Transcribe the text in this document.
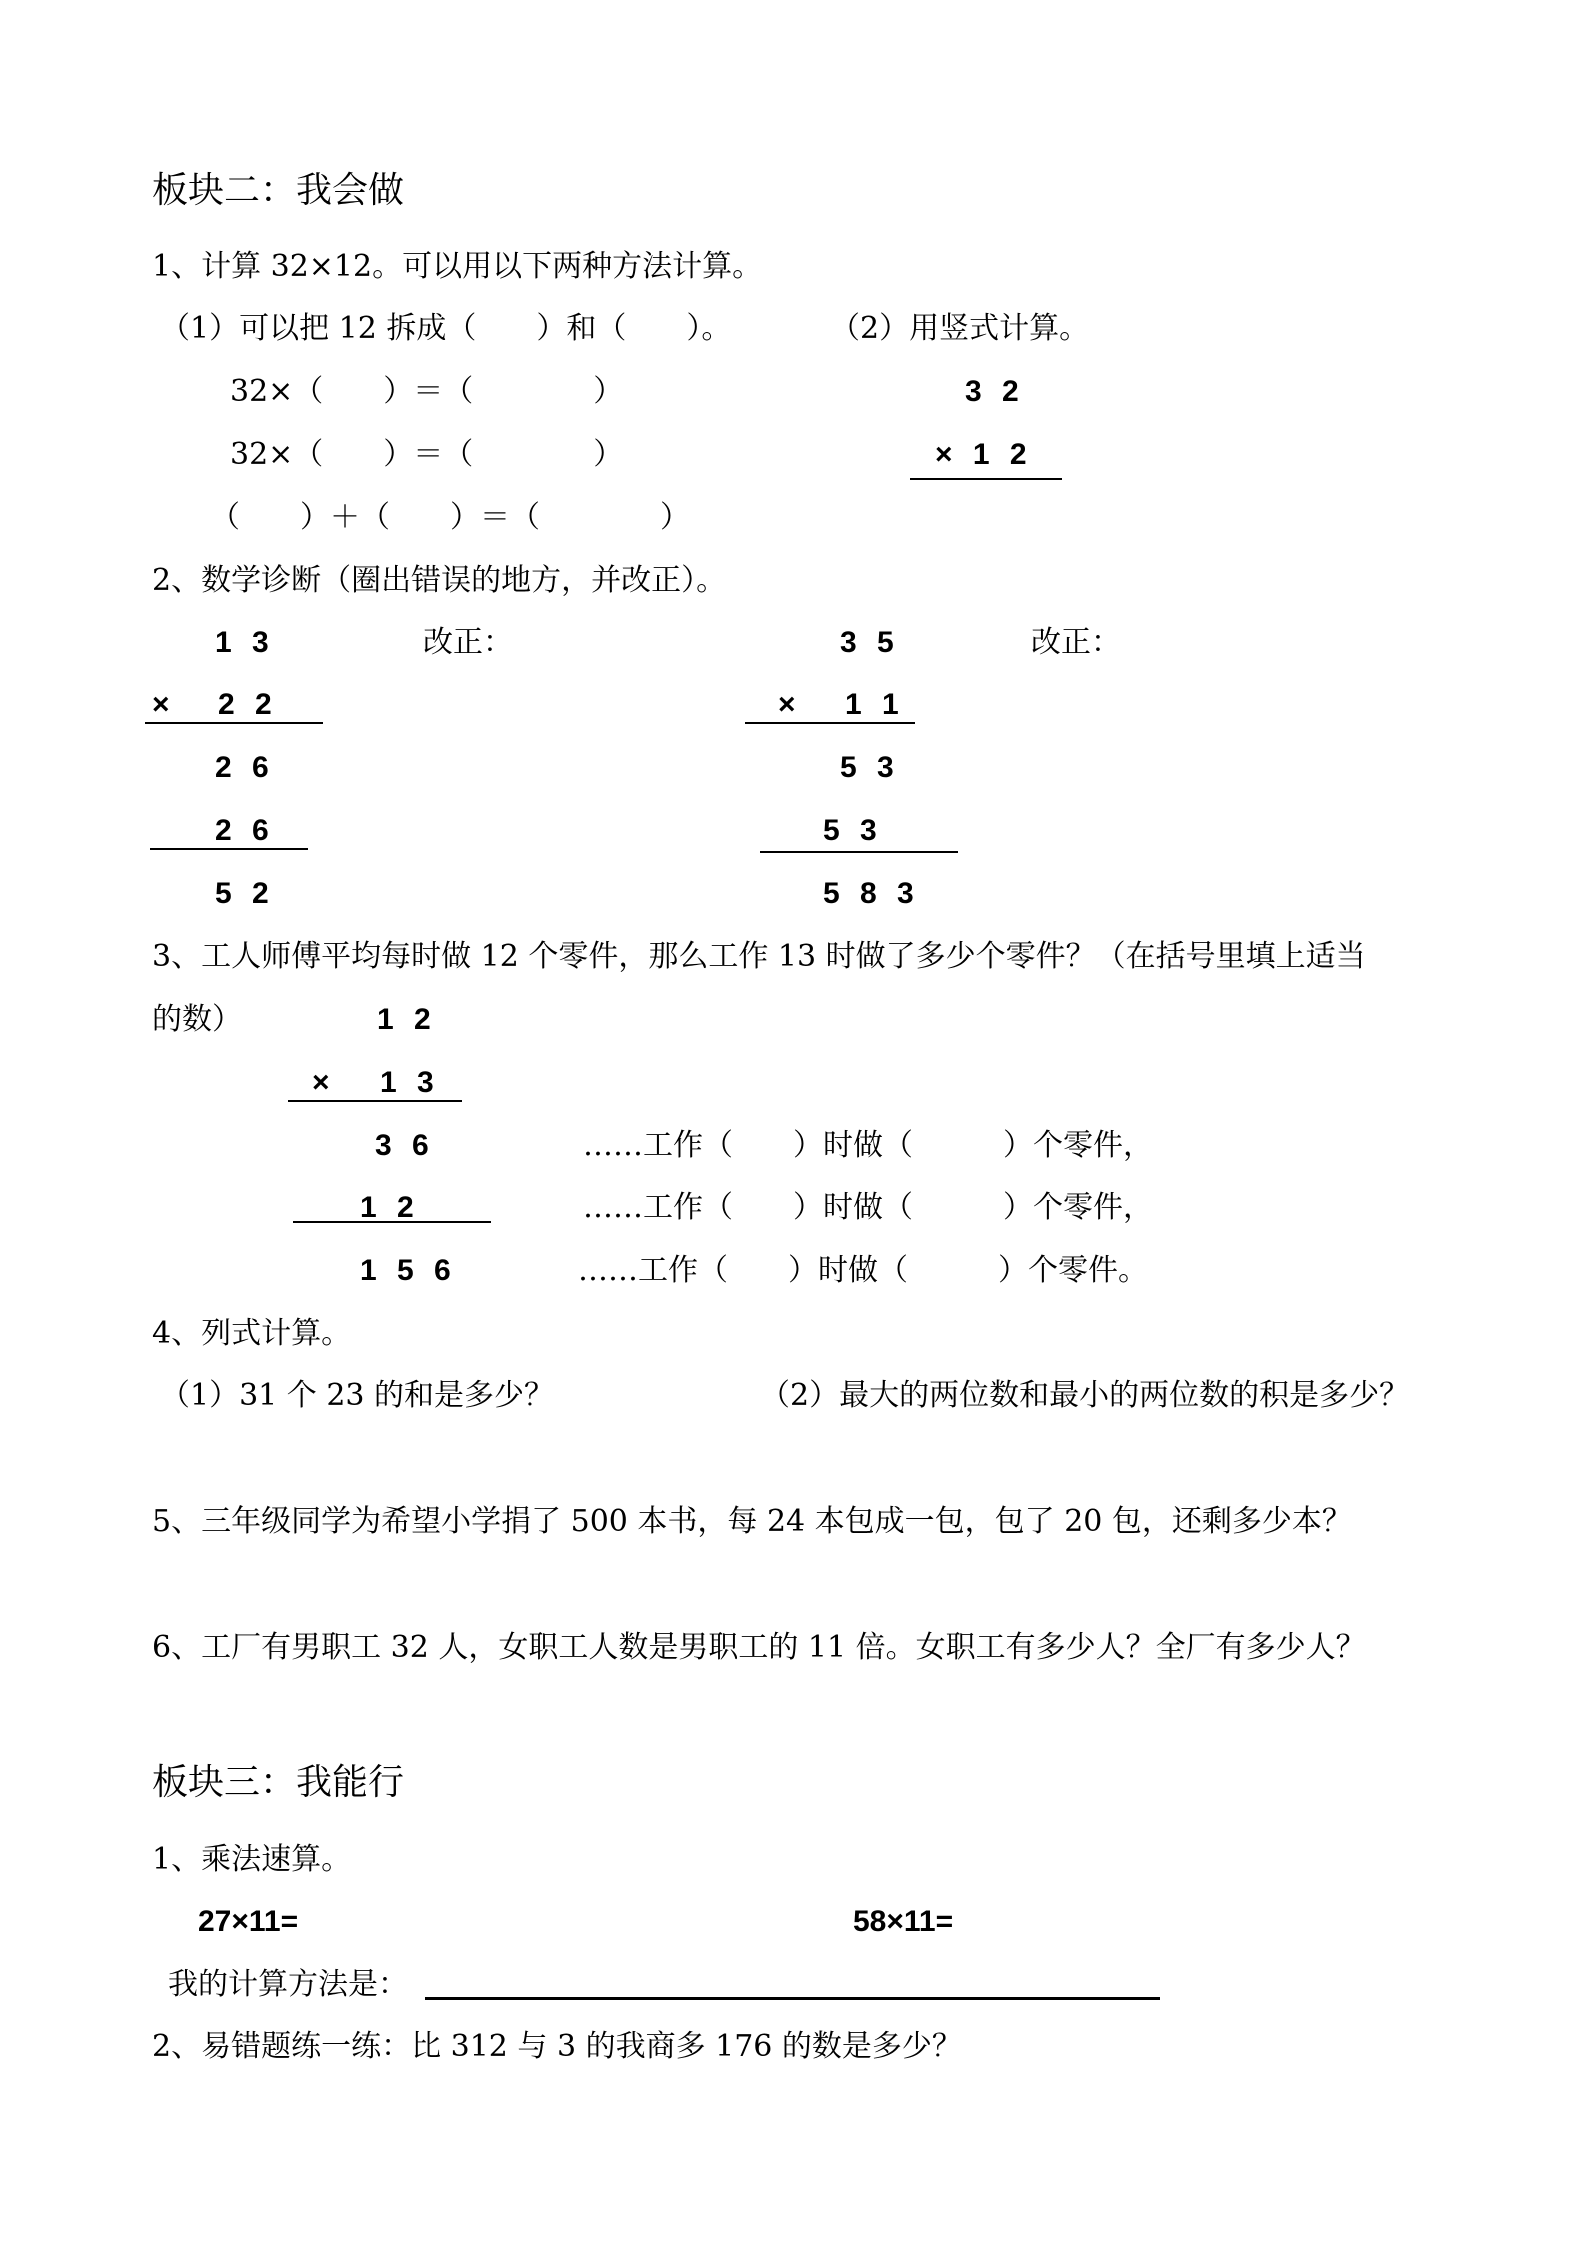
板块二：我会做
1、计算 32×12。可以用以下两种方法计算。
（1）可以把 12 拆成（　　）和（　　）。	（2）用竖式计算。
32×（　　）＝（　　　　）
32×（　　）＝（　　　　）
（　　）＋（　　）＝（　　　　）
3 2
× 1 2
2、数学诊断（圈出错误的地方，并改正）。
1 3	改正：
× 2 2
2 6
2 6
5 2
3 5	改正：
× 1 1
5 3
5 3
5 8 3
3、工人师傅平均每时做 12 个零件，那么工作 13 时做了多少个零件？（在括号里填上适当
的数）	1 2
× 1 3
3 6	……工作（　　）时做（　　　）个零件，
1 2	……工作（　　）时做（　　　）个零件，
1 5 6	……工作（　　）时做（　　　）个零件。
4、列式计算。
（1）31 个 23 的和是多少？	（2）最大的两位数和最小的两位数的积是多少？
5、三年级同学为希望小学捐了 500 本书，每 24 本包成一包，包了 20 包，还剩多少本？
6、工厂有男职工 32 人，女职工人数是男职工的 11 倍。女职工有多少人？全厂有多少人？
板块三：我能行
1、乘法速算。
27×11=	58×11=
我的计算方法是：
2、易错题练一练：比 312 与 3 的我商多 176 的数是多少？
